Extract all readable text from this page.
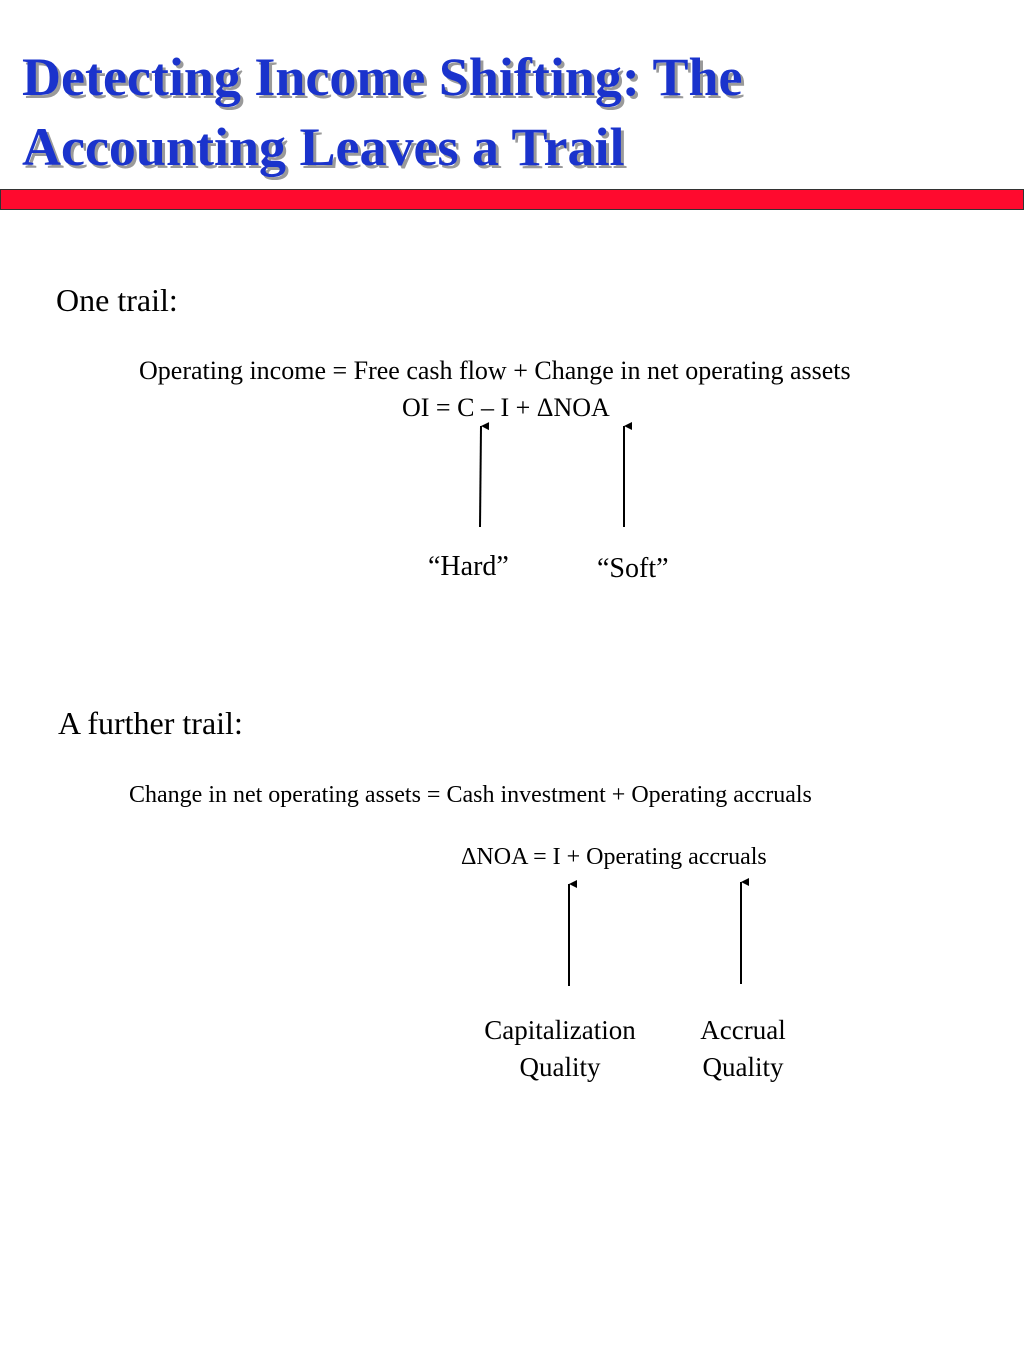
Detecting Income Shifting: The
Accounting Leaves a Trail

One trail:

Operating income = Free cash flow + Change in net operating assets

OI = C – I + ΔNOA

“Hard”	“Soft”

A further trail:

Change in net operating assets = Cash investment + Operating accruals

ΔNOA = I + Operating accruals

Capitalization
Quality
Accrual
Quality
